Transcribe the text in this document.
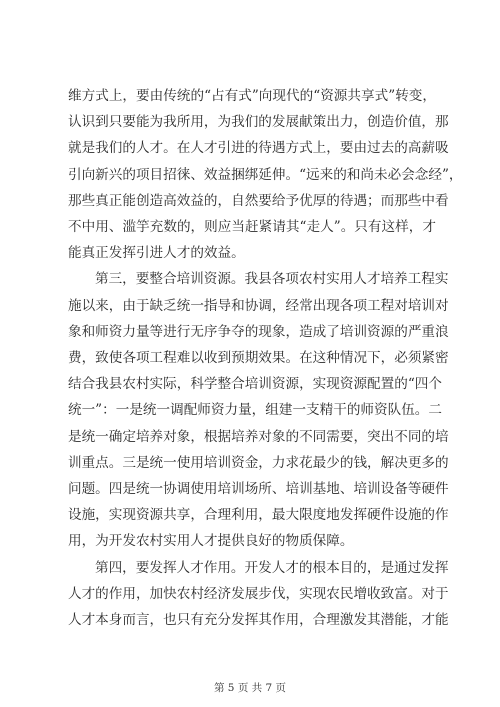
维方式上，要由传统的“占有式”向现代的“资源共享式”转变，
认识到只要能为我所用，为我们的发展献策出力，创造价值，那
就是我们的人才。在人才引进的待遇方式上，要由过去的高薪吸
引向新兴的项目招徕、效益捆绑延伸。“远来的和尚未必会念经”，
那些真正能创造高效益的，自然要给予优厚的待遇；而那些中看
不中用、滥竽充数的，则应当赶紧请其“走人”。只有这样，才
能真正发挥引进人才的效益。

第三，要整合培训资源。我县各项农村实用人才培养工程实
施以来，由于缺乏统一指导和协调，经常出现各项工程对培训对
象和师资力量等进行无序争夺的现象，造成了培训资源的严重浪
费，致使各项工程难以收到预期效果。在这种情况下，必须紧密
结合我县农村实际，科学整合培训资源，实现资源配置的“四个
统一”：一是统一调配师资力量，组建一支精干的师资队伍。二
是统一确定培养对象，根据培养对象的不同需要，突出不同的培
训重点。三是统一使用培训资金，力求花最少的钱，解决更多的
问题。四是统一协调使用培训场所、培训基地、培训设备等硬件
设施，实现资源共享，合理利用，最大限度地发挥硬件设施的作
用，为开发农村实用人才提供良好的物质保障。

第四，要发挥人才作用。开发人才的根本目的，是通过发挥
人才的作用，加快农村经济发展步伐，实现农民增收致富。对于
人才本身而言，也只有充分发挥其作用，合理激发其潜能，才能

第 5 页 共 7 页
